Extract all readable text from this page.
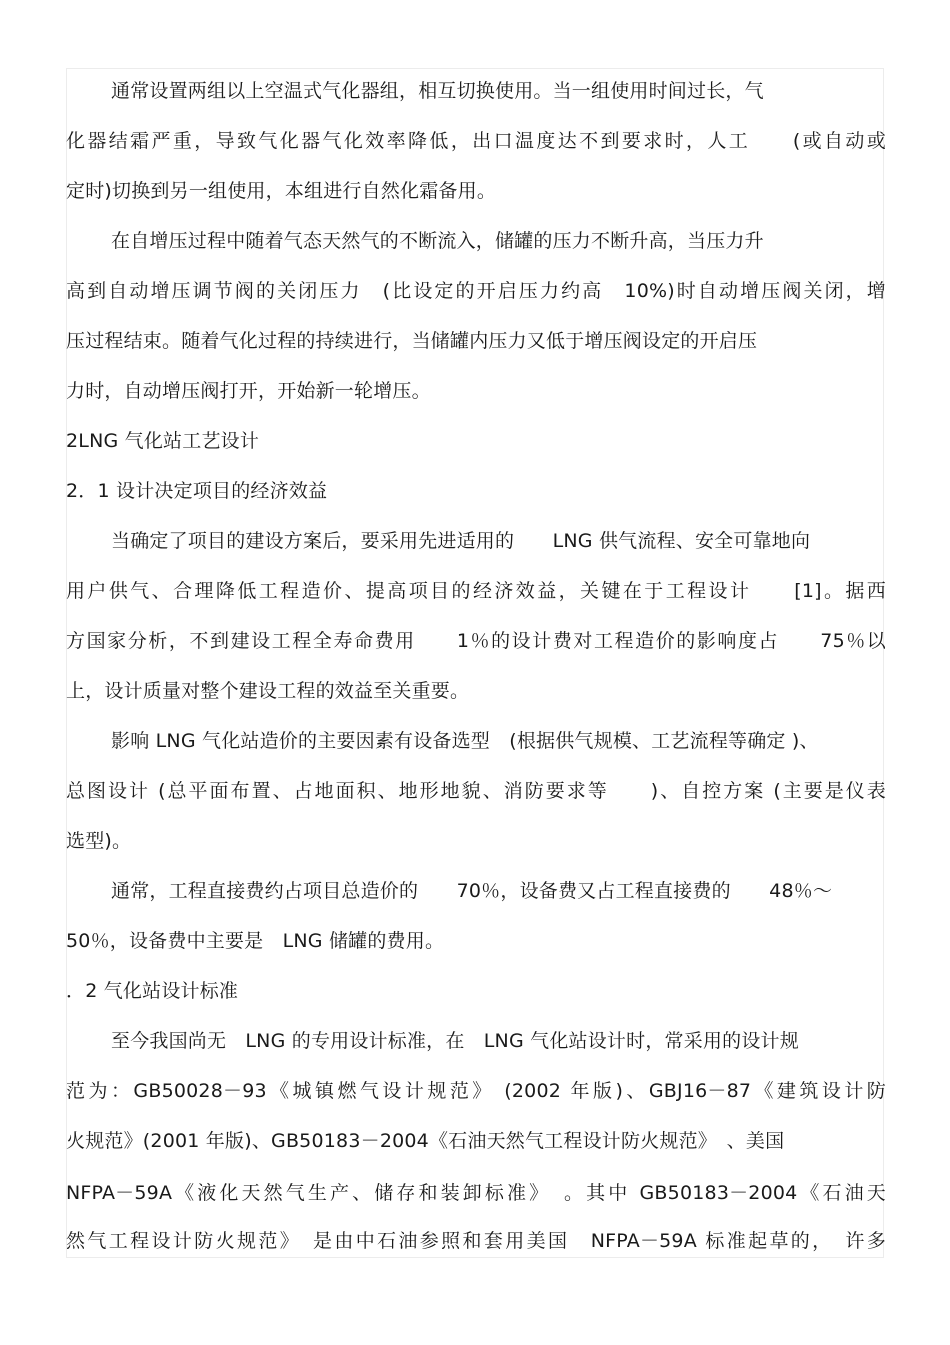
通常设置两组以上空温式气化器组，相互切换使用。当一组使用时间过长，气
化器结霜严重，导致气化器气化效率降低，出口温度达不到要求时，人工　　(或自动或
定时)切换到另一组使用，本组进行自然化霜备用。
在自增压过程中随着气态天然气的不断流入，储罐的压力不断升高，当压力升
高到自动增压调节阀的关闭压力　(比设定的开启压力约高　10%)时自动增压阀关闭，增
压过程结束。随着气化过程的持续进行，当储罐内压力又低于增压阀设定的开启压
力时，自动增压阀打开，开始新一轮增压。
2LNG 气化站工艺设计
2．1 设计决定项目的经济效益
当确定了项目的建设方案后，要采用先进适用的　　LNG 供气流程、安全可靠地向
用户供气、合理降低工程造价、提高项目的经济效益，关键在于工程设计　　[1]。据西
方国家分析，不到建设工程全寿命费用　　1％的设计费对工程造价的影响度占　　75％以
上，设计质量对整个建设工程的效益至关重要。
影响 LNG 气化站造价的主要因素有设备选型　(根据供气规模、工艺流程等确定 )、
总图设计 (总平面布置、占地面积、地形地貌、消防要求等　　)、自控方案 (主要是仪表
选型)。
通常，工程直接费约占项目总造价的　　70％，设备费又占工程直接费的　　48％～
50％，设备费中主要是　LNG 储罐的费用。
．2 气化站设计标准
至今我国尚无　LNG 的专用设计标准，在　LNG 气化站设计时，常采用的设计规
范为：GB50028－93《城镇燃气设计规范》 (2002 年版)、GBJ16－87《建筑设计防
火规范》(2001 年版)、GB50183－2004《石油天然气工程设计防火规范》　、美国
NFPA－59A《液化天然气生产、储存和装卸标准》　。其中 GB50183－2004《石油天
然气工程设计防火规范》　是由中石油参照和套用美国　NFPA－59A 标准起草的，　许多
